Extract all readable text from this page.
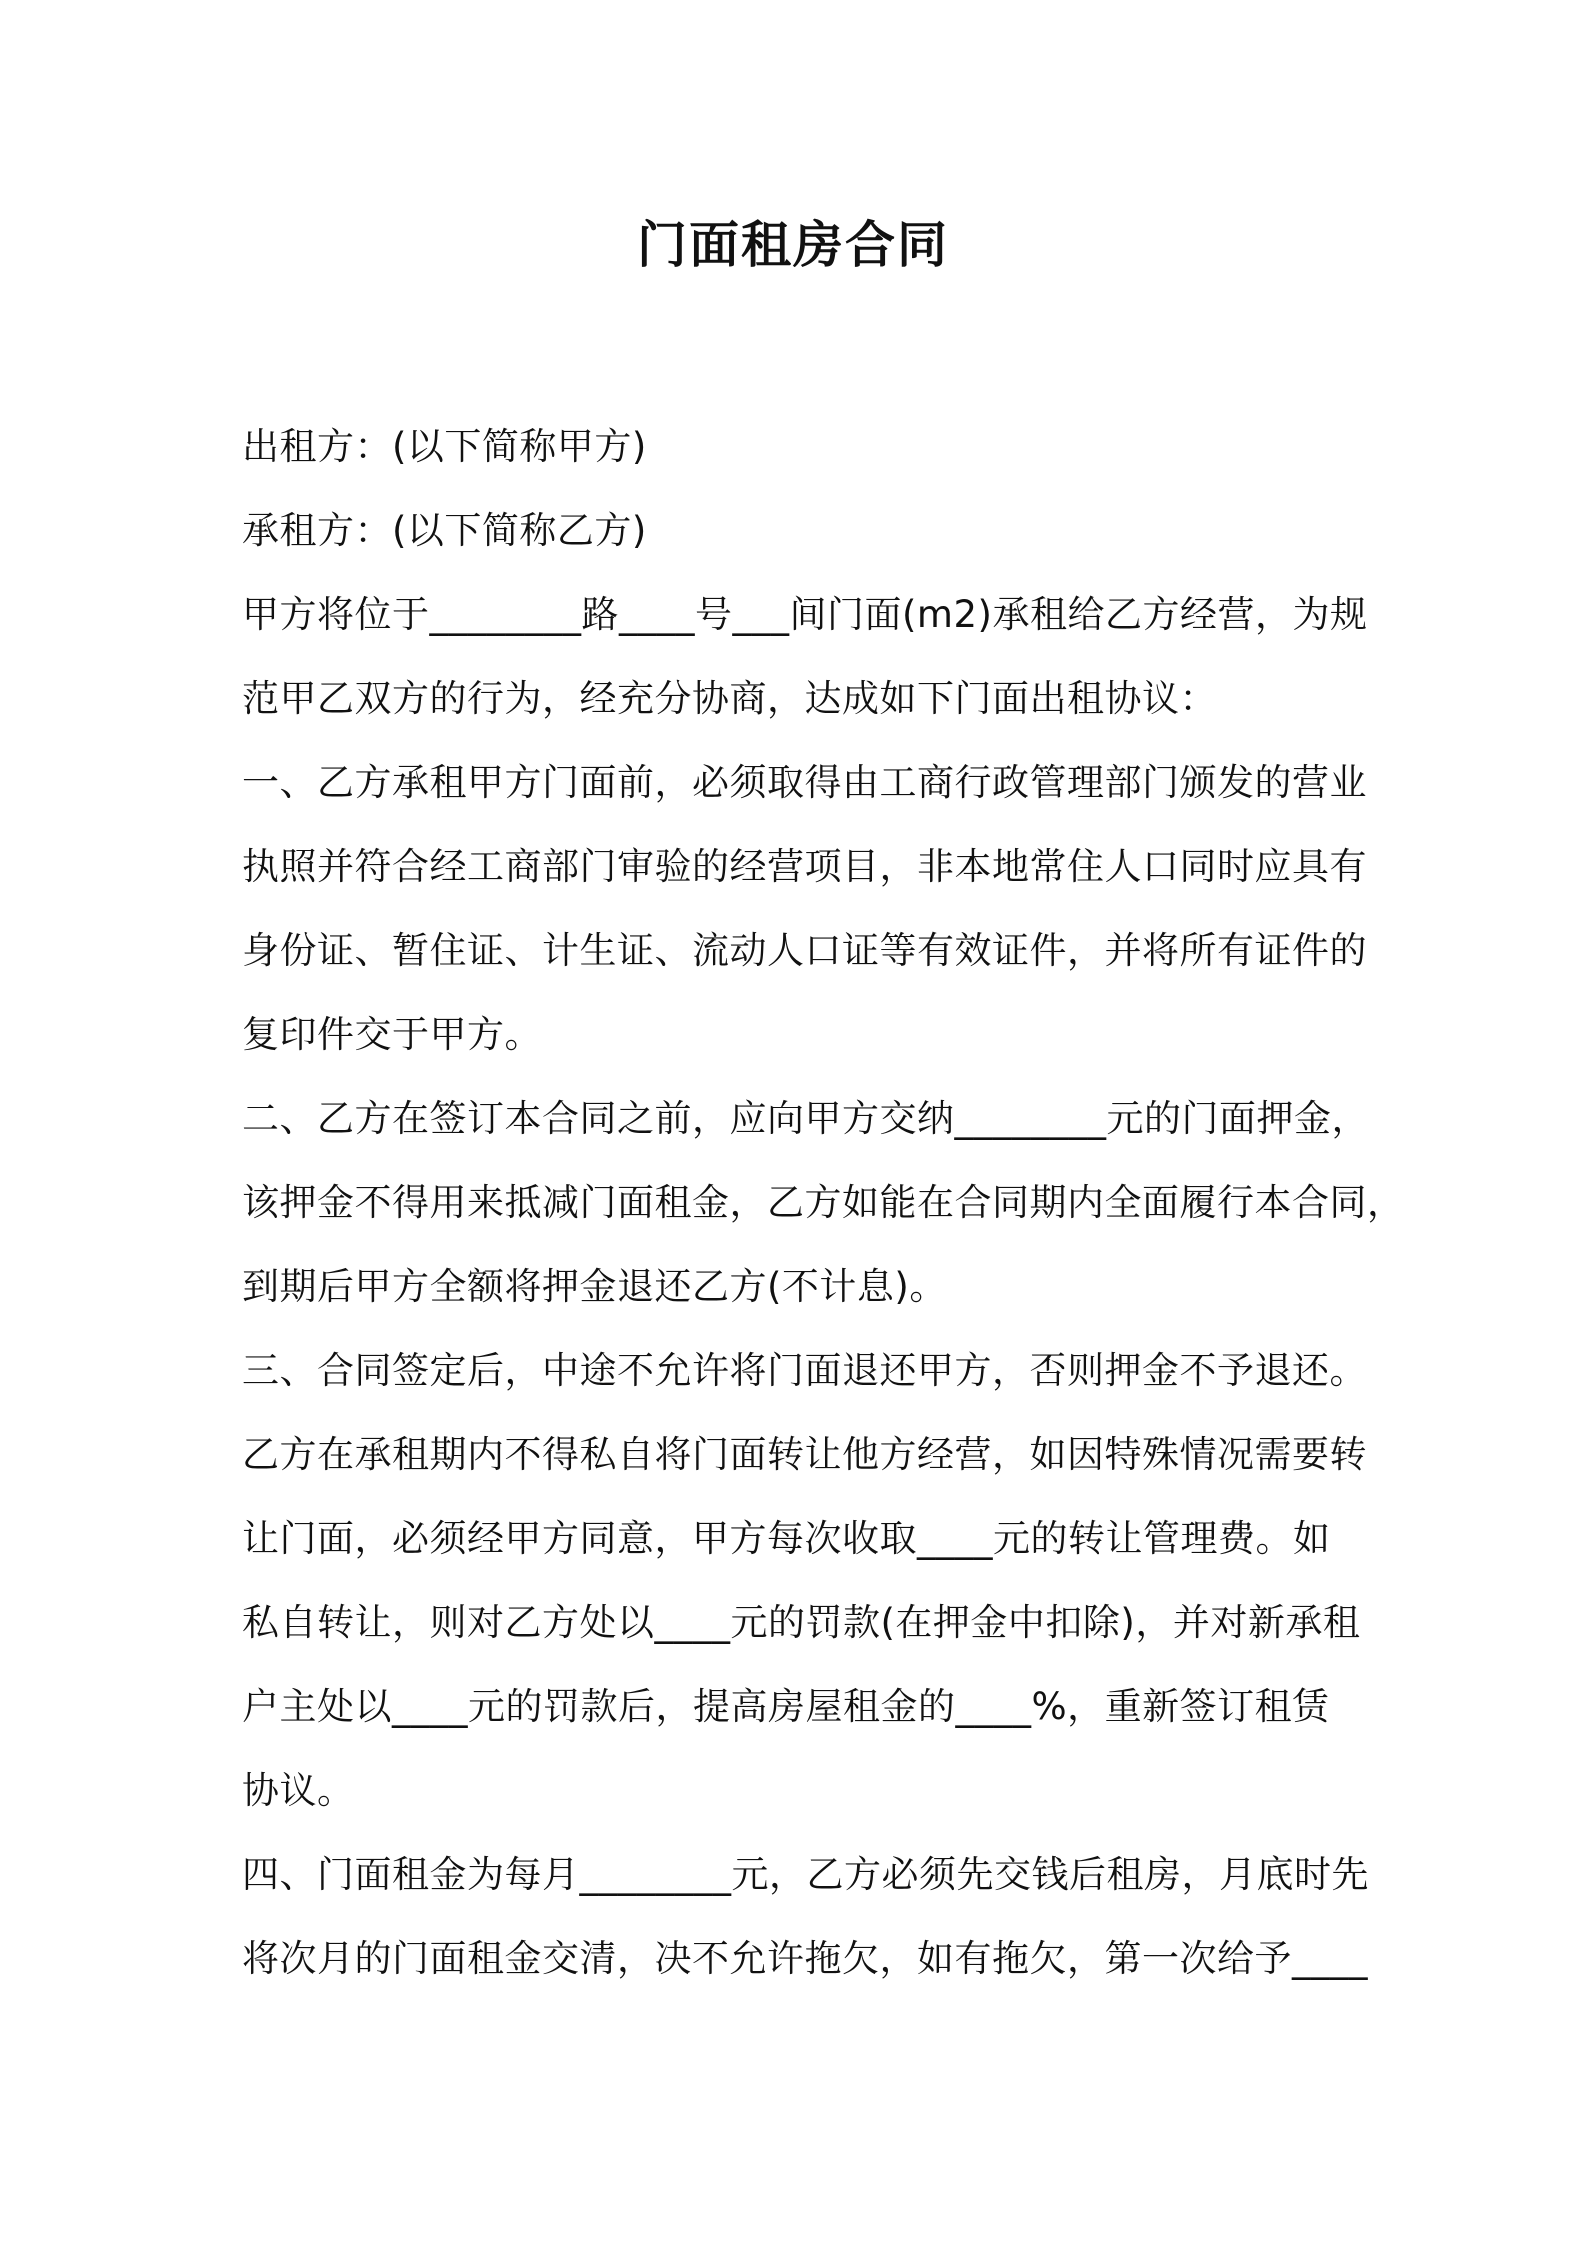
门面租房合同
出租方：(以下简称甲方)
承租方：(以下简称乙方)
甲方将位于________路____号___间门面(m2)承租给乙方经营，为规
范甲乙双方的行为，经充分协商，达成如下门面出租协议：
一、乙方承租甲方门面前，必须取得由工商行政管理部门颁发的营业
执照并符合经工商部门审验的经营项目，非本地常住人口同时应具有
身份证、暂住证、计生证、流动人口证等有效证件，并将所有证件的
复印件交于甲方。
二、乙方在签订本合同之前，应向甲方交纳________元的门面押金，
该押金不得用来抵减门面租金，乙方如能在合同期内全面履行本合同，
到期后甲方全额将押金退还乙方(不计息)。
三、合同签定后，中途不允许将门面退还甲方，否则押金不予退还。
乙方在承租期内不得私自将门面转让他方经营，如因特殊情况需要转
让门面，必须经甲方同意，甲方每次收取____元的转让管理费。如
私自转让，则对乙方处以____元的罚款(在押金中扣除)，并对新承租
户主处以____元的罚款后，提高房屋租金的____%，重新签订租赁
协议。
四、门面租金为每月________元，乙方必须先交钱后租房，月底时先
将次月的门面租金交清，决不允许拖欠，如有拖欠，第一次给予____
